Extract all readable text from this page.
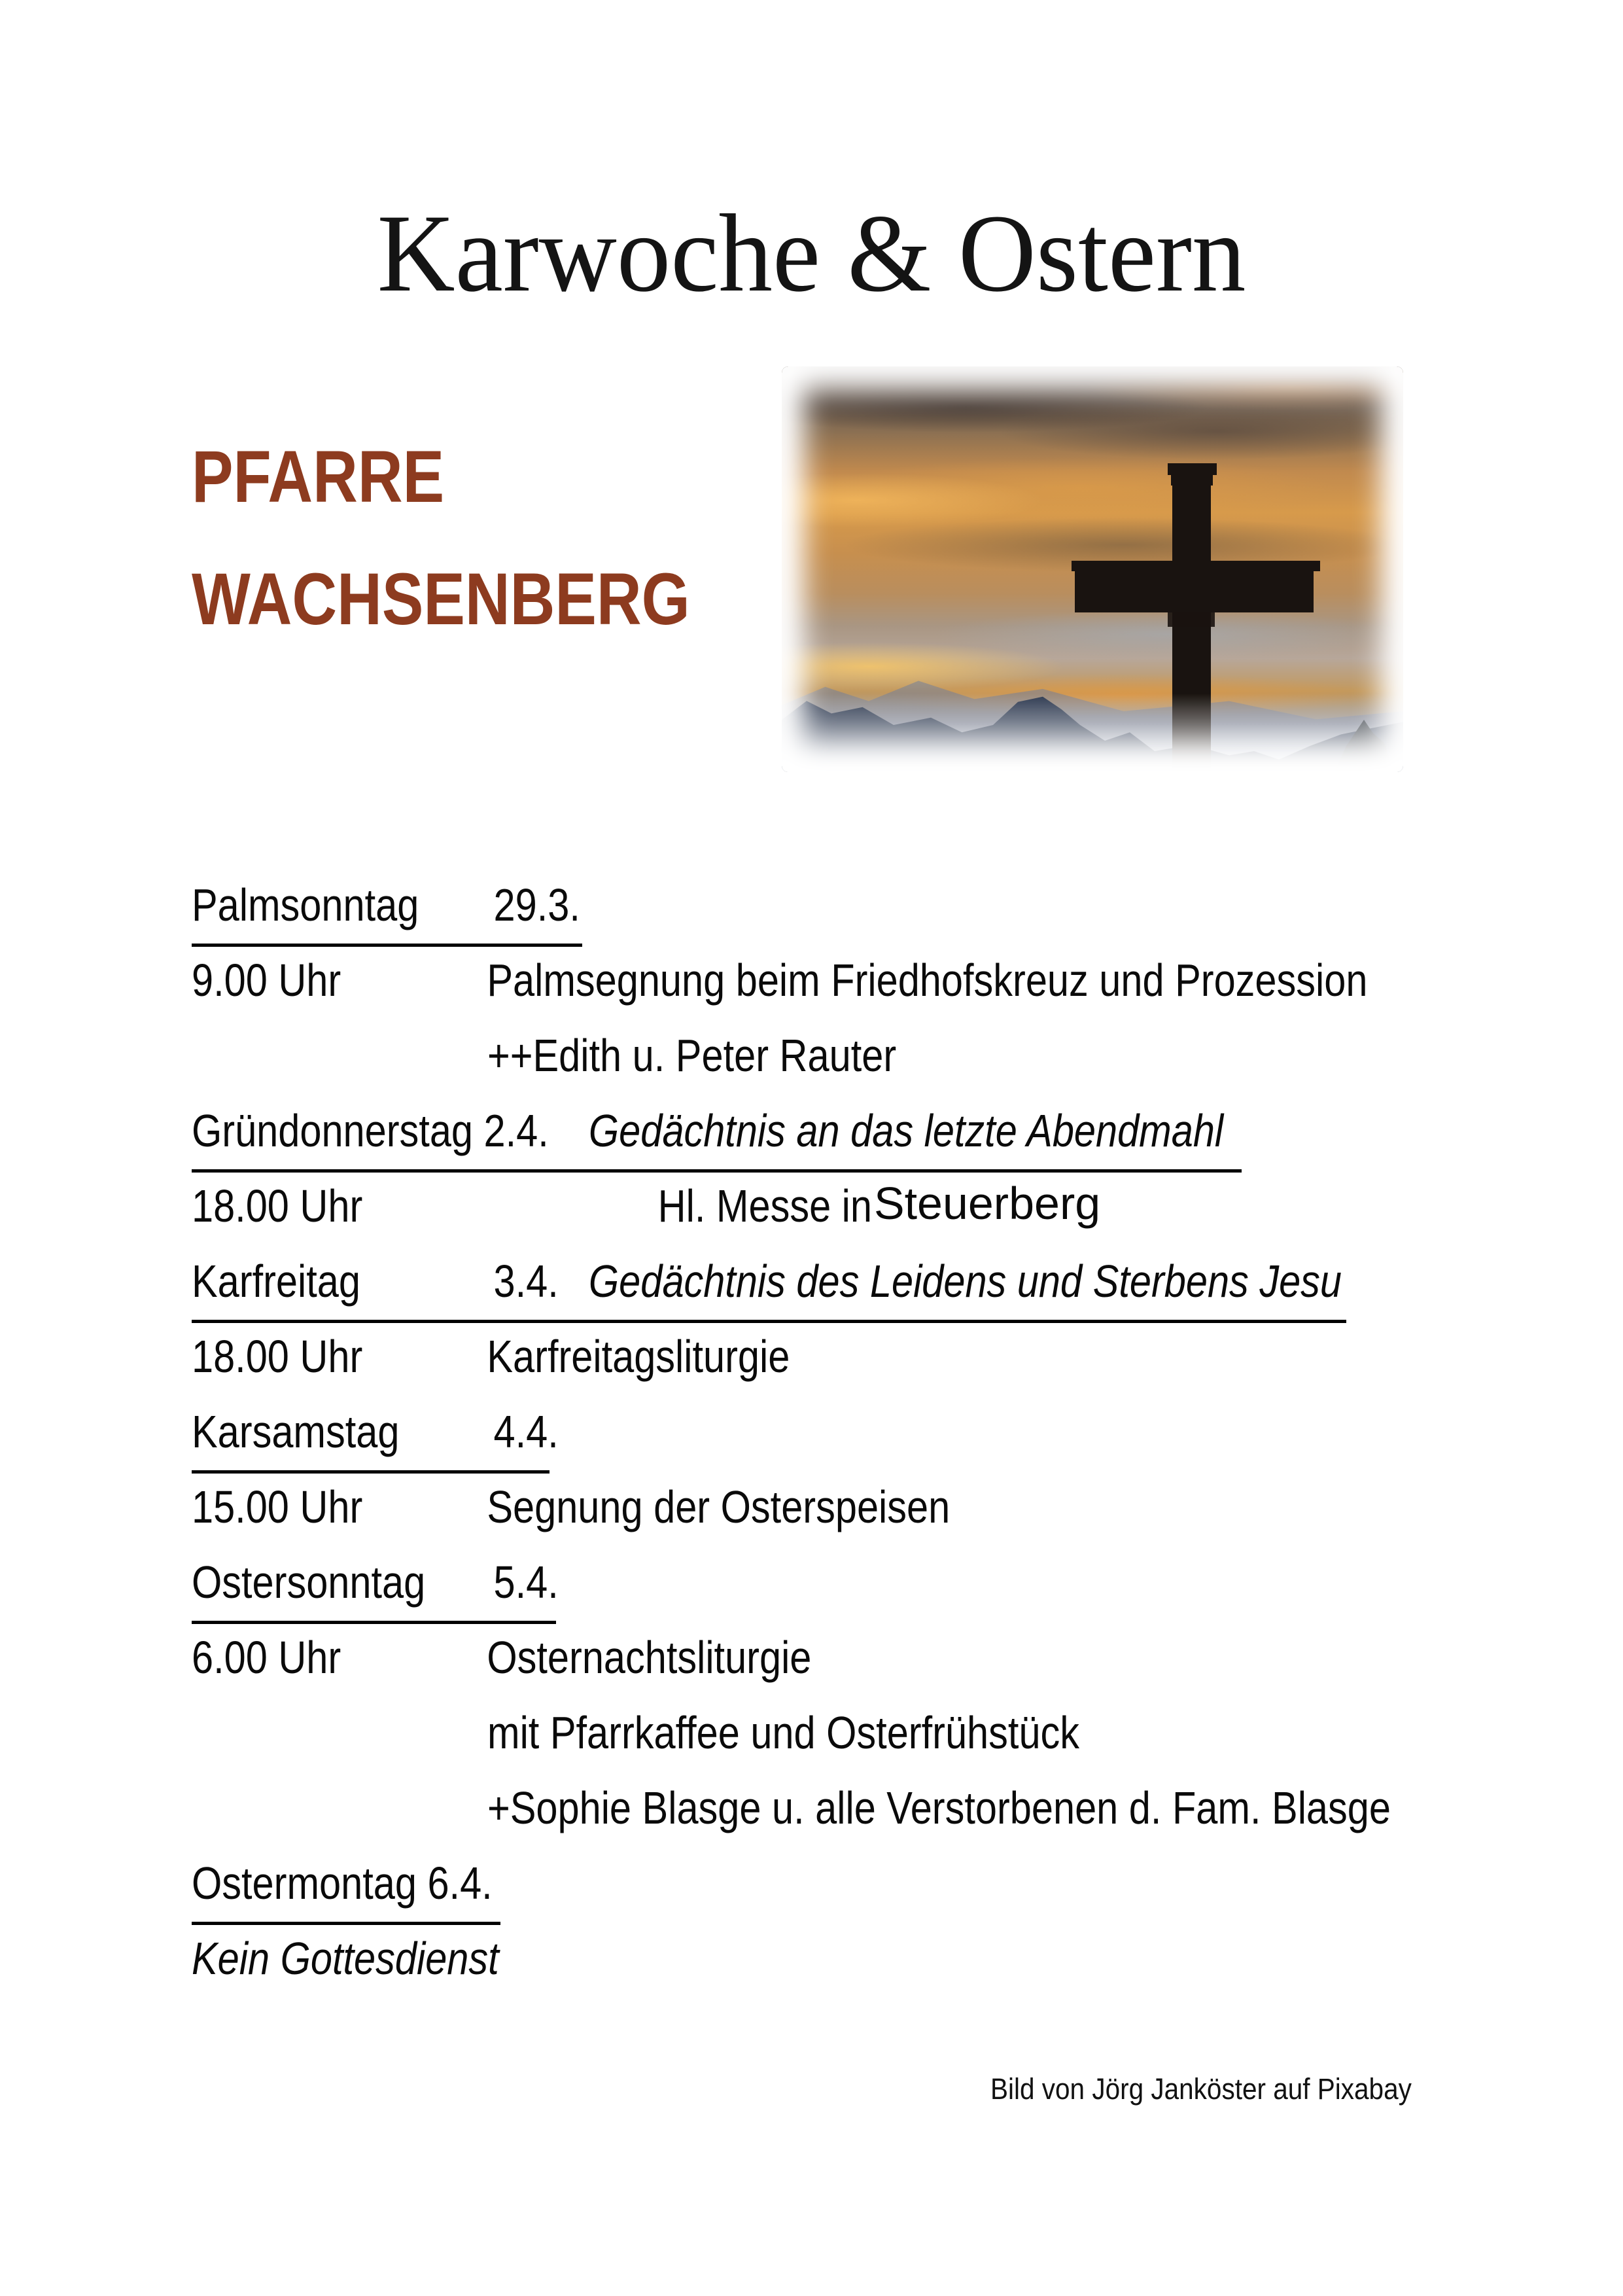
Karwoche & Ostern
PFARRE
WACHSENBERG
Palmsonntag 29.3.
9.00 Uhr	Palmsegnung beim Friedhofskreuz und Prozession
++Edith u. Peter Rauter
Gründonnerstag 2.4. Gedächtnis an das letzte Abendmahl
18.00 Uhr	Hl. Messe in Steuerberg
Karfreitag	3.4. Gedächtnis des Leidens und Sterbens Jesu
18.00 Uhr	Karfreitagsliturgie
Karsamstag 4.4.
15.00 Uhr	Segnung der Osterspeisen
Ostersonntag 5.4.
6.00 Uhr	Osternachtsliturgie
mit Pfarrkaffee und Osterfrühstück
+Sophie Blasge u. alle Verstorbenen d. Fam. Blasge
Ostermontag 6.4.
Kein Gottesdienst
Bild von Jörg Janköster auf Pixabay
